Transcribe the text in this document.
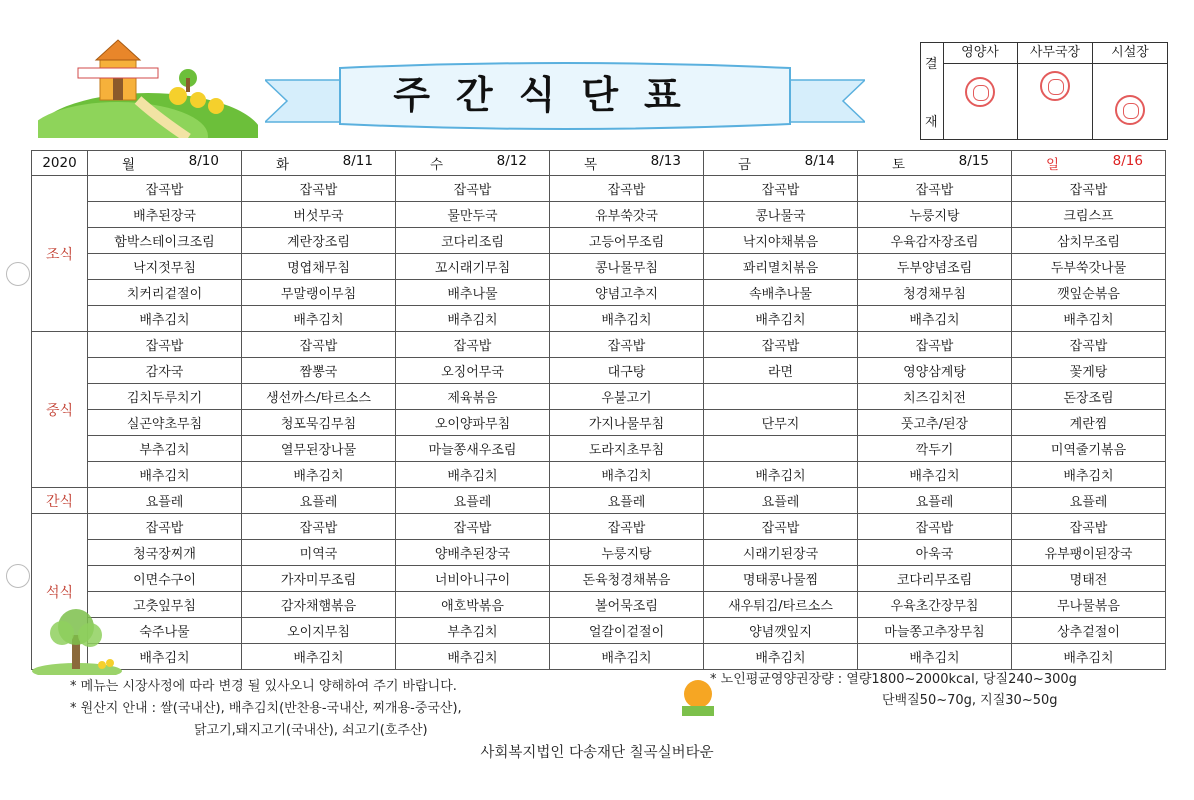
주간식단표
결
재
영양사	사무국장	시설장
2020	월 8/10	화 8/11	수 8/12	목 8/13	금 8/14	토 8/15	일 8/16

조식	잡곡밥	잡곡밥	잡곡밥	잡곡밥	잡곡밥	잡곡밥	잡곡밥
	배추된장국	버섯무국	물만두국	유부쑥갓국	콩나물국	누룽지탕	크림스프
	함박스테이크조림	계란장조림	코다리조림	고등어무조림	낙지야채볶음	우육감자장조림	삼치무조림
	낙지젓무침	명엽채무침	꼬시래기무침	콩나물무침	꽈리멸치볶음	두부양념조림	두부쑥갓나물
	치커리겉절이	무말랭이무침	배추나물	양념고추지	속배추나물	청경채무침	깻잎순볶음
	배추김치	배추김치	배추김치	배추김치	배추김치	배추김치	배추김치
중식	잡곡밥	잡곡밥	잡곡밥	잡곡밥	잡곡밥	잡곡밥	잡곡밥
	감자국	짬뽕국	오징어무국	대구탕	라면	영양삼계탕	꽃게탕
	김치두루치기	생선까스/타르소스	제육볶음	우불고기		치즈김치전	돈장조림
	실곤약초무침	청포묵김무침	오이양파무침	가지나물무침	단무지	풋고추/된장	계란찜
	부추김치	열무된장나물	마늘쫑새우조림	도라지초무침		깍두기	미역줄기볶음
	배추김치	배추김치	배추김치	배추김치	배추김치	배추김치	배추김치
간식	요플레	요플레	요플레	요플레	요플레	요플레	요플레
석식	잡곡밥	잡곡밥	잡곡밥	잡곡밥	잡곡밥	잡곡밥	잡곡밥
	청국장찌개	미역국	양배추된장국	누룽지탕	시래기된장국	아욱국	유부팽이된장국
	이면수구이	가자미무조림	너비아니구이	돈육청경채볶음	명태콩나물찜	코다리무조림	명태전
	고춧잎무침	감자채햄볶음	애호박볶음	볼어묵조림	새우튀김/타르소스	우육초간장무침	무나물볶음
	숙주나물	오이지무침	부추김치	얼갈이겉절이	양념깻잎지	마늘쫑고추장무침	상추겉절이
	배추김치	배추김치	배추김치	배추김치	배추김치	배추김치	배추김치
* 메뉴는 시장사정에 따라 변경 될 있사오니 양해하여 주기 바랍니다.
* 원산지 안내 : 쌀(국내산), 배추김치(반찬용-국내산, 찌개용-중국산),
닭고기,돼지고기(국내산), 쇠고기(호주산)
* 노인평균영양권장량 : 열량1800~2000kcal, 당질240~300g
단백질50~70g, 지질30~50g
사회복지법인 다송재단 칠곡실버타운
